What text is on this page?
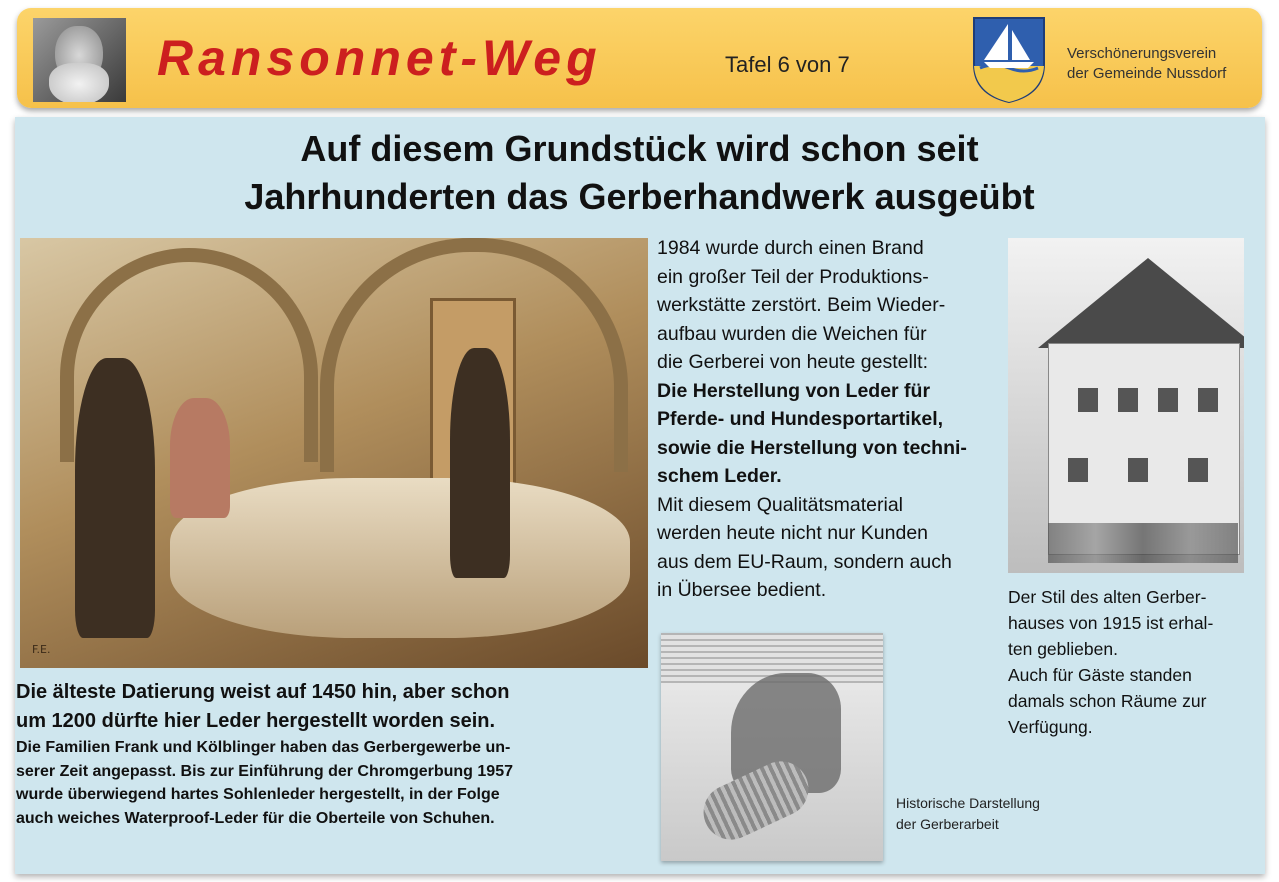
Ransonnet-Weg	Tafel 6 von 7	Verschönerungsverein
der Gemeinde Nussdorf
Auf diesem Grundstück wird schon seit
Jahrhunderten das Gerberhandwerk ausgeübt
F.E.

1984 wurde durch einen Brand

ein großer Teil der Produktions-

werkstätte zerstört. Beim Wieder-

aufbau wurden die Weichen für

die Gerberei von heute gestellt:

Die Herstellung von Leder für

Pferde- und Hundesportartikel,

sowie die Herstellung von techni-

schem Leder.

Mit diesem Qualitätsmaterial

werden heute nicht nur Kunden

aus dem EU-Raum, sondern auch

in Übersee bedient.	Der Stil des alten Gerber-
hauses von 1915 ist erhal-
ten geblieben.
Auch für Gäste standen
damals schon Räume zur
Verfügung.
Die älteste Datierung weist auf 1450 hin, aber schon
um 1200 dürfte hier Leder hergestellt worden sein.
Die Familien Frank und Kölblinger haben das Gerbergewerbe un-
serer Zeit angepasst. Bis zur Einführung der Chromgerbung 1957
wurde überwiegend hartes Sohlenleder hergestellt, in der Folge
auch weiches Waterproof-Leder für die Oberteile von Schuhen.
Historische Darstellung
der Gerberarbeit
